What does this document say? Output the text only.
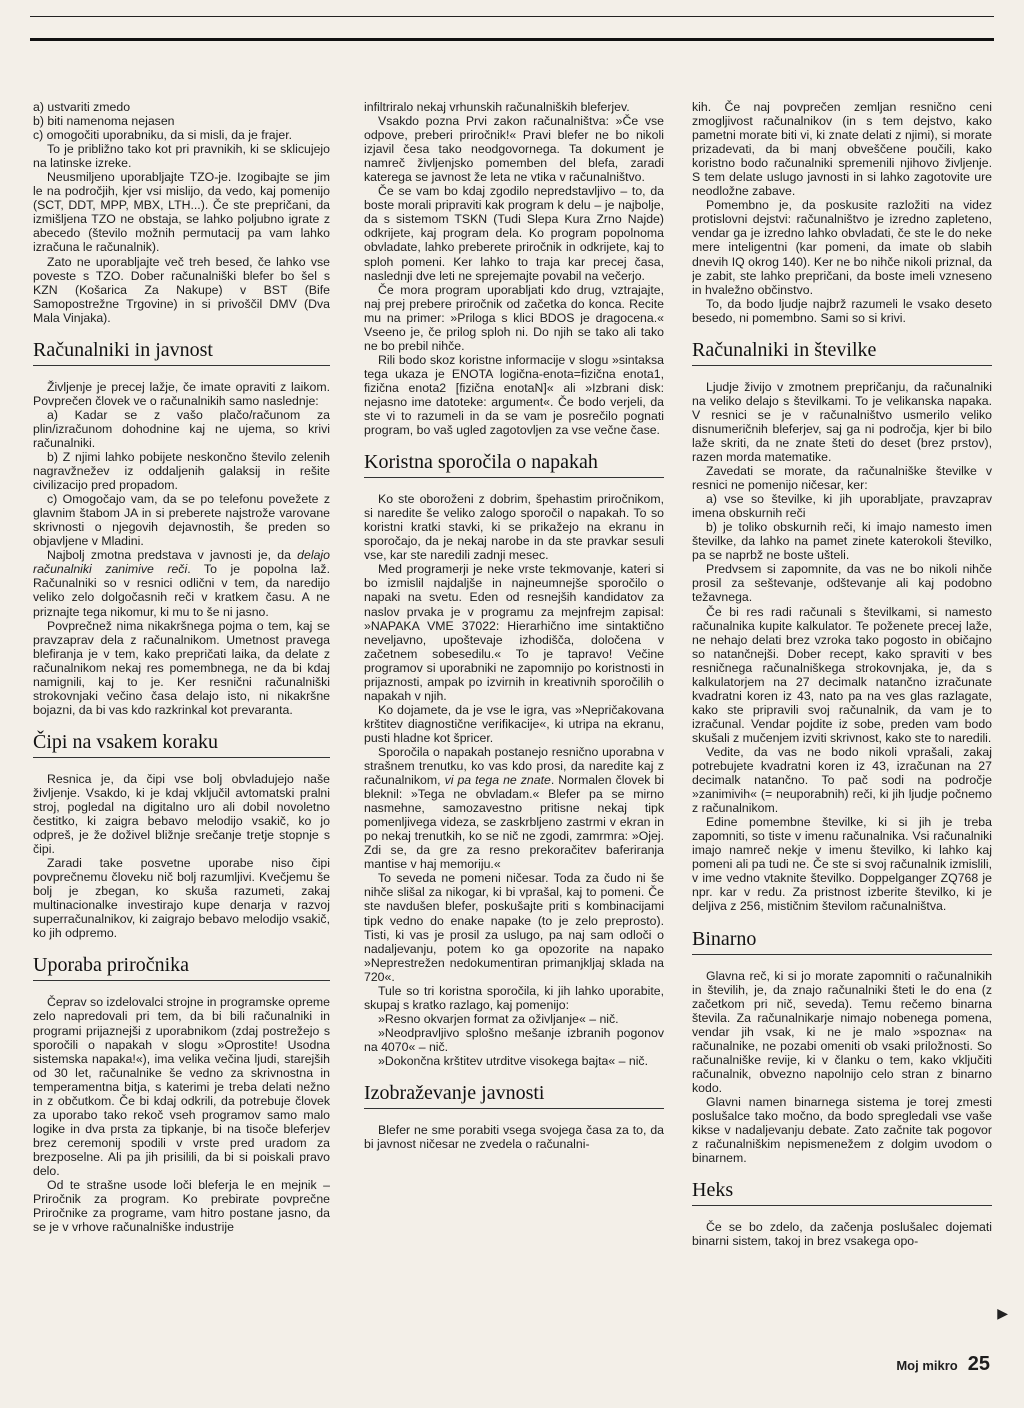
a) ustvariti zmedo

b) biti namenoma nejasen

c) omogočiti uporabniku, da si misli, da je frajer.

To je približno tako kot pri pravnikih, ki se sklicujejo na latinske izreke.

Neusmiljeno uporabljajte TZO-je. Izogibajte se jim le na področjih, kjer vsi mislijo, da vedo, kaj pomenijo (SCT, DDT, MPP, MBX, LTH...). Če ste prepričani, da izmišljena TZO ne obstaja, se lahko poljubno igrate z abecedo (število možnih permutacij pa vam lahko izračuna le računalnik).

Zato ne uporabljajte več treh besed, če lahko vse poveste s TZO. Dober računalniški blefer bo šel s KZN (Košarica Za Nakupe) v BST (Bife Samopostrežne Trgovine) in si privoščil DMV (Dva Mala Vinjaka).

Računalniki in javnost

Življenje je precej lažje, če imate opraviti z laikom. Povprečen človek ve o računalnikih samo naslednje:

a) Kadar se z vašo plačo/računom za plin/izračunom dohodnine kaj ne ujema, so krivi računalniki.

b) Z njimi lahko pobijete neskončno število zelenih nagravžnežev iz oddaljenih galaksij in rešite civilizacijo pred propadom.

c) Omogočajo vam, da se po telefonu povežete z glavnim štabom JA in si preberete najstrože varovane skrivnosti o njegovih dejavnostih, še preden so objavljene v Mladini.

Najbolj zmotna predstava v javnosti je, da delajo računalniki zanimive reči. To je popolna laž. Računalniki so v resnici odlični v tem, da naredijo veliko zelo dolgočasnih reči v kratkem času. A ne priznajte tega nikomur, ki mu to še ni jasno.

Povprečnež nima nikakršnega pojma o tem, kaj se pravzaprav dela z računalnikom. Umetnost pravega blefiranja je v tem, kako prepričati laika, da delate z računalnikom nekaj res pomembnega, ne da bi kdaj namignili, kaj to je. Ker resnični računalniški strokovnjaki večino časa delajo isto, ni nikakršne bojazni, da bi vas kdo razkrinkal kot prevaranta.

Čipi na vsakem koraku

Resnica je, da čipi vse bolj obvladujejo naše življenje. Vsakdo, ki je kdaj vključil avtomatski pralni stroj, pogledal na digitalno uro ali dobil novoletno čestitko, ki zaigra bebavo melodijo vsakič, ko jo odpreš, je že doživel bližnje srečanje tretje stopnje s čipi.

Zaradi take posvetne uporabe niso čipi povprečnemu človeku nič bolj razumljivi. Kvečjemu še bolj je zbegan, ko skuša razumeti, zakaj multinacionalke investirajo kupe denarja v razvoj superračunalnikov, ki zaigrajo bebavo melodijo vsakič, ko jih odpremo.

Uporaba priročnika

Čeprav so izdelovalci strojne in programske opreme zelo napredovali pri tem, da bi bili računalniki in programi prijaznejši z uporabnikom (zdaj postrežejo s sporočili o napakah v slogu »Oprostite! Usodna sistemska napaka!«), ima velika večina ljudi, starejših od 30 let, računalnike še vedno za skrivnostna in temperamentna bitja, s katerimi je treba delati nežno in z občutkom. Če bi kdaj odkrili, da potrebuje človek za uporabo tako rekoč vseh programov samo malo logike in dva prsta za tipkanje, bi na tisoče bleferjev brez ceremonij spodili v vrste pred uradom za brezposelne. Ali pa jih prisilili, da bi si poiskali pravo delo.

Od te strašne usode loči bleferja le en mejnik – Priročnik za program. Ko prebirate povprečne Priročnike za programe, vam hitro postane jasno, da se je v vrhove računalniške industrije

infiltriralo nekaj vrhunskih računalniških bleferjev.

Vsakdo pozna Prvi zakon računalništva: »Če vse odpove, preberi priročnik!« Pravi blefer ne bo nikoli izjavil česa tako neodgovornega. Ta dokument je namreč življenjsko pomemben del blefa, zaradi katerega se javnost že leta ne vtika v računalništvo.

Če se vam bo kdaj zgodilo nepredstavljivo – to, da boste morali pripraviti kak program k delu – je najbolje, da s sistemom TSKN (Tudi Slepa Kura Zrno Najde) odkrijete, kaj program dela. Ko program popolnoma obvladate, lahko preberete priročnik in odkrijete, kaj to sploh pomeni. Ker lahko to traja kar precej časa, naslednji dve leti ne sprejemajte povabil na večerjo.

Če mora program uporabljati kdo drug, vztrajajte, naj prej prebere priročnik od začetka do konca. Recite mu na primer: »Priloga s klici BDOS je dragocena.« Vseeno je, če prilog sploh ni. Do njih se tako ali tako ne bo prebil nihče.

Rili bodo skoz koristne informacije v slogu »sintaksa tega ukaza je ENOTA logična-enota=fizična enota1, fizična enota2 [fizična enotaN]« ali »Izbrani disk: nejasno ime datoteke: argument«. Če bodo verjeli, da ste vi to razumeli in da se vam je posrečilo pognati program, bo vaš ugled zagotovljen za vse večne čase.

Koristna sporočila o napakah

Ko ste oboroženi z dobrim, špehastim priročnikom, si naredite še veliko zalogo sporočil o napakah. To so koristni kratki stavki, ki se prikažejo na ekranu in sporočajo, da je nekaj narobe in da ste pravkar sesuli vse, kar ste naredili zadnji mesec.

Med programerji je neke vrste tekmovanje, kateri si bo izmislil najdaljše in najneumnejše sporočilo o napaki na svetu. Eden od resnejših kandidatov za naslov prvaka je v programu za mejnfrejm zapisal: »NAPAKA VME 37022: Hierarhično ime sintaktično neveljavno, upoštevaje izhodišča, določena v začetnem sobesedilu.« To je tapravo! Večine programov si uporabniki ne zapomnijo po koristnosti in prijaznosti, ampak po izvirnih in kreativnih sporočilih o napakah v njih.

Ko dojamete, da je vse le igra, vas »Nepričakovana krštitev diagnostične verifikacije«, ki utripa na ekranu, pusti hladne kot špricer.

Sporočila o napakah postanejo resnično uporabna v strašnem trenutku, ko vas kdo prosi, da naredite kaj z računalnikom, vi pa tega ne znate. Normalen človek bi bleknil: »Tega ne obvladam.« Blefer pa se mirno nasmehne, samozavestno pritisne nekaj tipk pomenljivega videza, se zaskrbljeno zastrmi v ekran in po nekaj trenutkih, ko se nič ne zgodi, zamrmra: »Ojej. Zdi se, da gre za resno prekoračitev baferiranja mantise v haj memoriju.«

To seveda ne pomeni ničesar. Toda za čudo ni še nihče slišal za nikogar, ki bi vprašal, kaj to pomeni. Če ste navdušen blefer, poskušajte priti s kombinacijami tipk vedno do enake napake (to je zelo preprosto). Tisti, ki vas je prosil za uslugo, pa naj sam odloči o nadaljevanju, potem ko ga opozorite na napako »Neprestrežen nedokumentiran primanjkljaj sklada na 720«.

Tule so tri koristna sporočila, ki jih lahko uporabite, skupaj s kratko razlago, kaj pomenijo:

»Resno okvarjen format za oživljanje« – nič.

»Neodpravljivo splošno mešanje izbranih pogonov na 4070« – nič.

»Dokončna krštitev utrditve visokega bajta« – nič.

Izobraževanje javnosti

Blefer ne sme porabiti vsega svojega časa za to, da bi javnost ničesar ne zvedela o računalni-

kih. Če naj povprečen zemljan resnično ceni zmogljivost računalnikov (in s tem dejstvo, kako pametni morate biti vi, ki znate delati z njimi), si morate prizadevati, da bi manj obveščene poučili, kako koristno bodo računalniki spremenili njihovo življenje. S tem delate uslugo javnosti in si lahko zagotovite ure neodložne zabave.

Pomembno je, da poskusite razložiti na videz protislovni dejstvi: računalništvo je izredno zapleteno, vendar ga je izredno lahko obvladati, če ste le do neke mere inteligentni (kar pomeni, da imate ob slabih dnevih IQ okrog 140). Ker ne bo nihče nikoli priznal, da je zabit, ste lahko prepričani, da boste imeli vzneseno in hvaležno občinstvo.

To, da bodo ljudje najbrž razumeli le vsako deseto besedo, ni pomembno. Sami so si krivi.

Računalniki in številke

Ljudje živijo v zmotnem prepričanju, da računalniki na veliko delajo s številkami. To je velikanska napaka. V resnici se je v računalništvo usmerilo veliko disnumeričnih bleferjev, saj ga ni področja, kjer bi bilo laže skriti, da ne znate šteti do deset (brez prstov), razen morda matematike.

Zavedati se morate, da računalniške številke v resnici ne pomenijo ničesar, ker:

a) vse so številke, ki jih uporabljate, pravzaprav imena obskurnih reči

b) je toliko obskurnih reči, ki imajo namesto imen številke, da lahko na pamet zinete katerokoli številko, pa se naprbž ne boste ušteli.

Predvsem si zapomnite, da vas ne bo nikoli nihče prosil za seštevanje, odštevanje ali kaj podobno težavnega.

Če bi res radi računali s številkami, si namesto računalnika kupite kalkulator. Te poženete precej laže, ne nehajo delati brez vzroka tako pogosto in običajno so natančnejši. Dober recept, kako spraviti v bes resničnega računalniškega strokovnjaka, je, da s kalkulatorjem na 27 decimalk natančno izračunate kvadratni koren iz 43, nato pa na ves glas razlagate, kako ste pripravili svoj računalnik, da vam je to izračunal. Vendar pojdite iz sobe, preden vam bodo skušali z mučenjem izviti skrivnost, kako ste to naredili.

Vedite, da vas ne bodo nikoli vprašali, zakaj potrebujete kvadratni koren iz 43, izračunan na 27 decimalk natančno. To pač sodi na področje »zanimivih« (= neuporabnih) reči, ki jih ljudje počnemo z računalnikom.

Edine pomembne številke, ki si jih je treba zapomniti, so tiste v imenu računalnika. Vsi računalniki imajo namreč nekje v imenu številko, ki lahko kaj pomeni ali pa tudi ne. Če ste si svoj računalnik izmislili, v ime vedno vtaknite številko. Doppelganger ZQ768 je npr. kar v redu. Za pristnost izberite številko, ki je deljiva z 256, mističnim številom računalništva.

Binarno

Glavna reč, ki si jo morate zapomniti o računalnikih in številih, je, da znajo računalniki šteti le do ena (z začetkom pri nič, seveda). Temu rečemo binarna števila. Za računalnikarje nimajo nobenega pomena, vendar jih vsak, ki ne je malo »spozna« na računalnike, ne pozabi omeniti ob vsaki priložnosti. So računalniške revije, ki v članku o tem, kako vključiti računalnik, obvezno napolnijo celo stran z binarno kodo.

Glavni namen binarnega sistema je torej zmesti poslušalce tako močno, da bodo spregledali vse vaše kikse v nadaljevanju debate. Zato začnite tak pogovor z računalniškim nepismenežem z dolgim uvodom o binarnem.

Heks

Če se bo zdelo, da začenja poslušalec dojemati binarni sistem, takoj in brez vsakega opo-

▶
Moj mikro 25
